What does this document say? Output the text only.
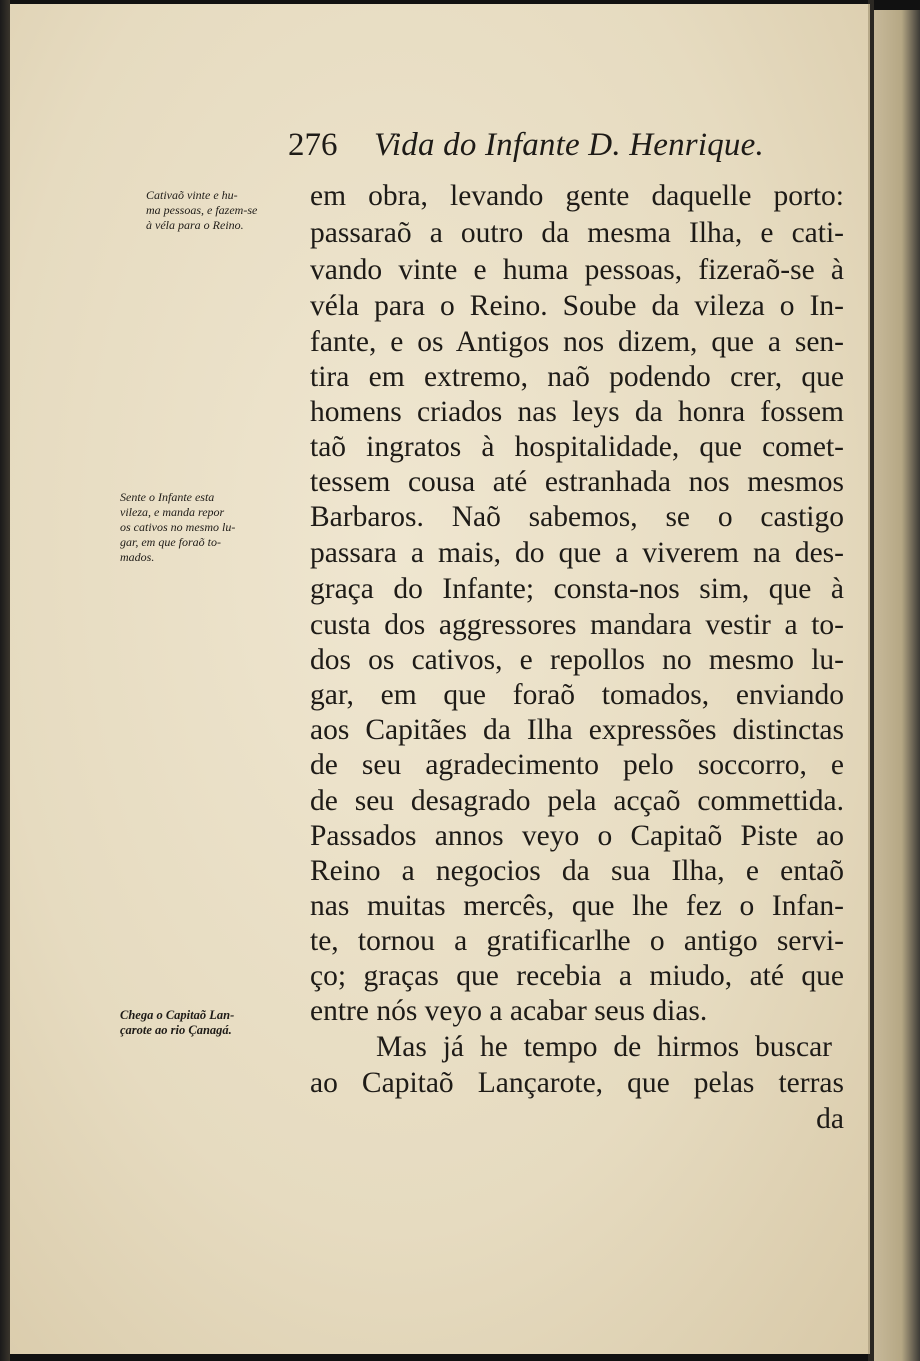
276 Vida do Infante D. Henrique.
Cativaõ vinte e hu-
ma pessoas, e fazem-se
à véla para o Reino.
Sente o Infante esta
vileza, e manda repor
os cativos no mesmo lu-
gar, em que foraõ to-
mados.
Chega o Capitaõ Lan-
çarote ao rio Çanagá.
em obra, levando gente daquelle porto:
passaraõ a outro da mesma Ilha, e cati-
vando vinte e huma pessoas, fizeraõ-se à
véla para o Reino. Soube da vileza o In-
fante, e os Antigos nos dizem, que a sen-
tira em extremo, naõ podendo crer, que
homens criados nas leys da honra fossem
taõ ingratos à hospitalidade, que comet-
tessem cousa até estranhada nos mesmos
Barbaros. Naõ sabemos, se o castigo
passara a mais, do que a viverem na des-
graça do Infante; consta-nos sim, que à
custa dos aggressores mandara vestir a to-
dos os cativos, e repollos no mesmo lu-
gar, em que foraõ tomados, enviando
aos Capitães da Ilha expressões distinctas
de seu agradecimento pelo soccorro, e
de seu desagrado pela acçaõ commettida.
Passados annos veyo o Capitaõ Piste ao
Reino a negocios da sua Ilha, e entaõ
nas muitas mercês, que lhe fez o Infan-
te, tornou a gratificarlhe o antigo servi-
ço; graças que recebia a miudo, até que
entre nós veyo a acabar seus dias.
Mas já he tempo de hirmos buscar
ao Capitaõ Lançarote, que pelas terras
da
